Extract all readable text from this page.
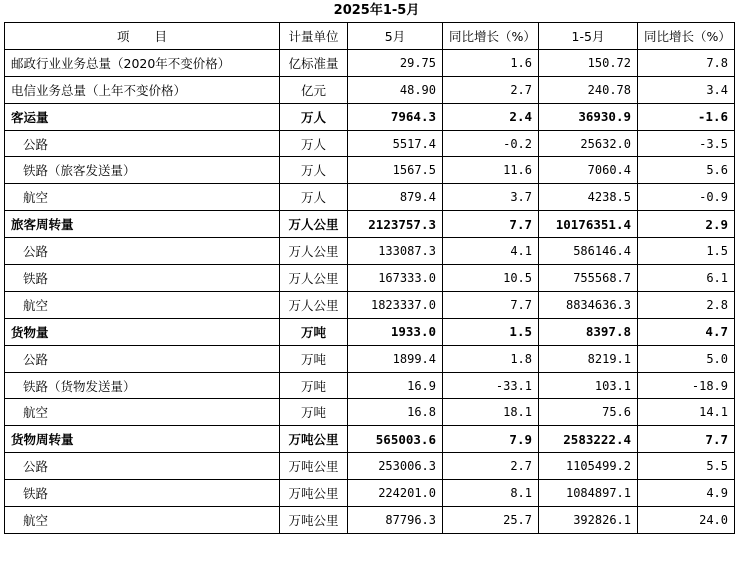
2025年1-5月
项　　目	计量单位	5月	同比增长（%）	1-5月	同比增长（%）
邮政行业业务总量（2020年不变价格）	亿标准量	29.75	1.6	150.72	7.8
电信业务总量（上年不变价格）	亿元	48.90	2.7	240.78	3.4
客运量	万人	7964.3	2.4	36930.9	-1.6
公路	万人	5517.4	-0.2	25632.0	-3.5
铁路（旅客发送量）	万人	1567.5	11.6	7060.4	5.6
航空	万人	879.4	3.7	4238.5	-0.9
旅客周转量	万人公里	2123757.3	7.7	10176351.4	2.9
公路	万人公里	133087.3	4.1	586146.4	1.5
铁路	万人公里	167333.0	10.5	755568.7	6.1
航空	万人公里	1823337.0	7.7	8834636.3	2.8
货物量	万吨	1933.0	1.5	8397.8	4.7
公路	万吨	1899.4	1.8	8219.1	5.0
铁路（货物发送量）	万吨	16.9	-33.1	103.1	-18.9
航空	万吨	16.8	18.1	75.6	14.1
货物周转量	万吨公里	565003.6	7.9	2583222.4	7.7
公路	万吨公里	253006.3	2.7	1105499.2	5.5
铁路	万吨公里	224201.0	8.1	1084897.1	4.9
航空	万吨公里	87796.3	25.7	392826.1	24.0
